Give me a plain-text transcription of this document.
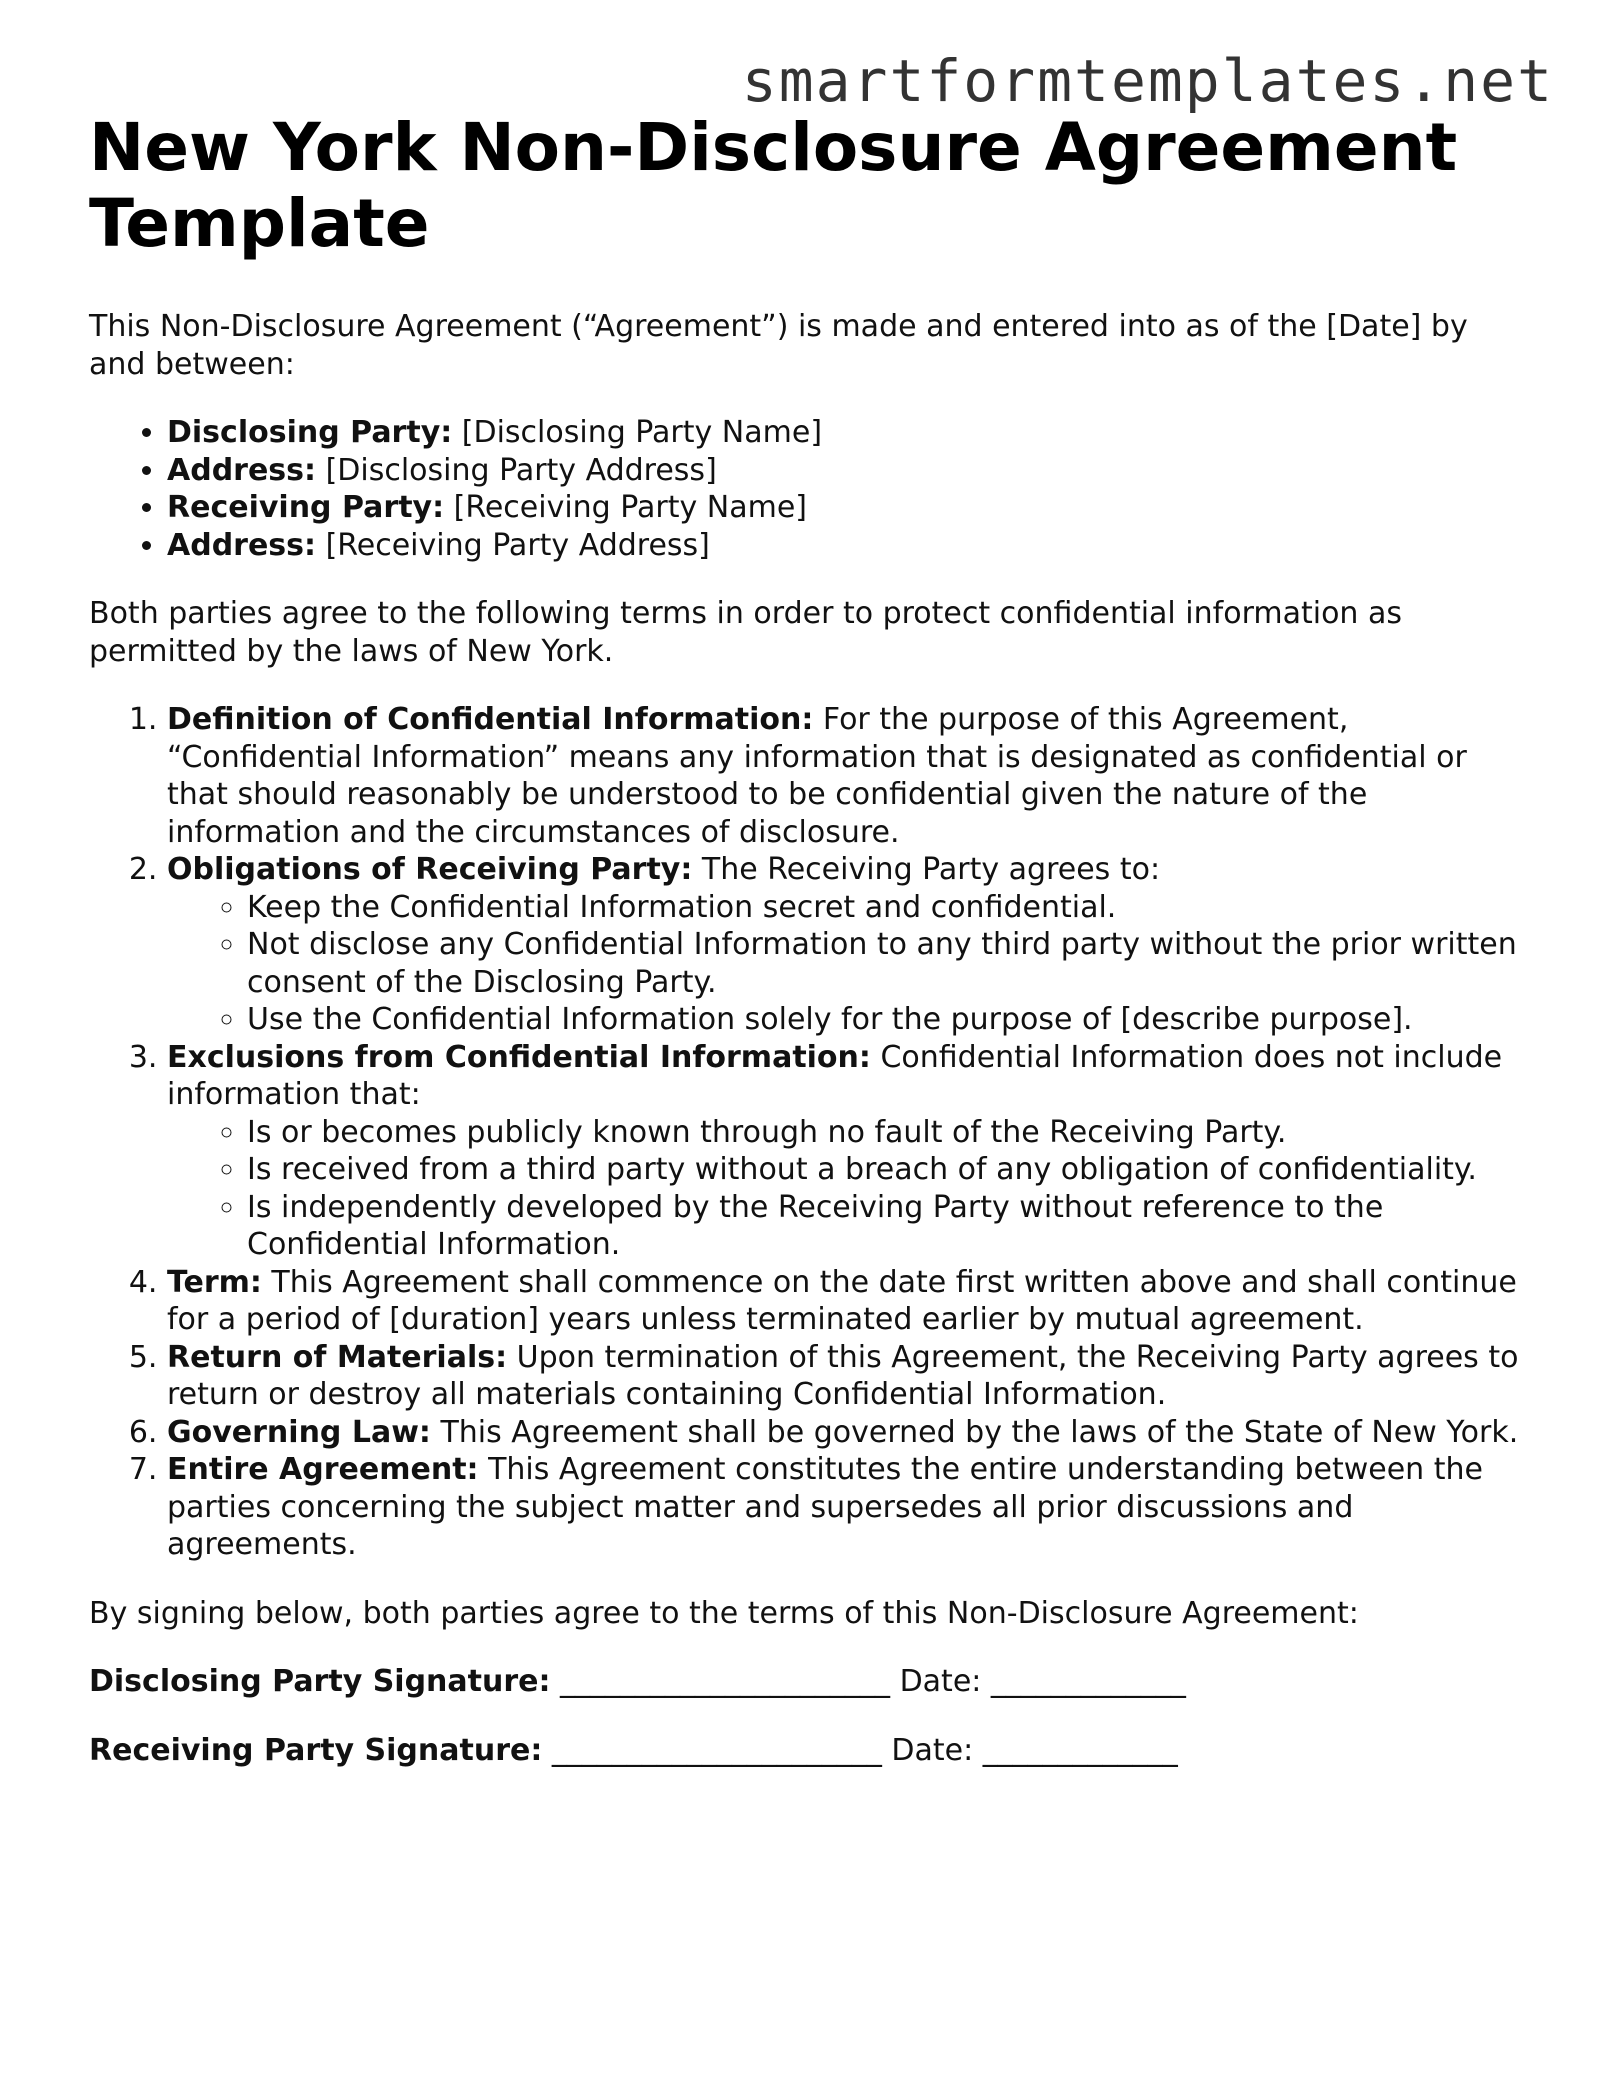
smartformtemplates.net
New York Non-Disclosure Agreement Template

This Non-Disclosure Agreement (“Agreement”) is made and entered into as of the [Date] by and between:

• Disclosing Party: [Disclosing Party Name]
• Address: [Disclosing Party Address]
• Receiving Party: [Receiving Party Name]
• Address: [Receiving Party Address]

Both parties agree to the following terms in order to protect confidential information as permitted by the laws of New York.

1. Definition of Confidential Information: For the purpose of this Agreement, “Confidential Information” means any information that is designated as confidential or that should reasonably be understood to be confidential given the nature of the information and the circumstances of disclosure.
2. Obligations of Receiving Party: The Receiving Party agrees to:
◦ Keep the Confidential Information secret and confidential.
◦ Not disclose any Confidential Information to any third party without the prior written consent of the Disclosing Party.
◦ Use the Confidential Information solely for the purpose of [describe purpose].
3. Exclusions from Confidential Information: Confidential Information does not include information that:
◦ Is or becomes publicly known through no fault of the Receiving Party.
◦ Is received from a third party without a breach of any obligation of confidentiality.
◦ Is independently developed by the Receiving Party without reference to the Confidential Information.
4. Term: This Agreement shall commence on the date first written above and shall continue for a period of [duration] years unless terminated earlier by mutual agreement.
5. Return of Materials: Upon termination of this Agreement, the Receiving Party agrees to return or destroy all materials containing Confidential Information.
6. Governing Law: This Agreement shall be governed by the laws of the State of New York.
7. Entire Agreement: This Agreement constitutes the entire understanding between the parties concerning the subject matter and supersedes all prior discussions and agreements.

By signing below, both parties agree to the terms of this Non-Disclosure Agreement:

Disclosing Party Signature: ______________________ Date: _____________

Receiving Party Signature: ______________________ Date: _____________
